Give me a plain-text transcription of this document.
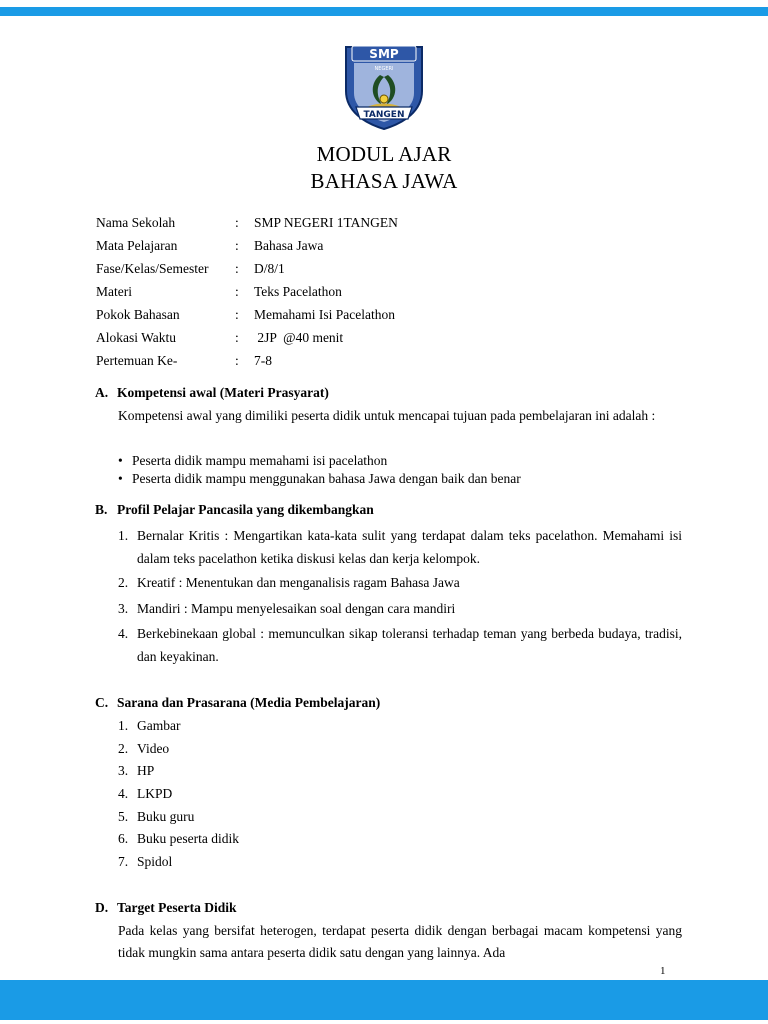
SMP
NEGERI
TANGEN
MODUL AJAR
BAHASA JAWA
Nama Sekolah	: SMP NEGERI 1TANGEN
Mata Pelajaran	: Bahasa Jawa
Fase/Kelas/Semester : D/8/1
Materi	: Teks Pacelathon
Pokok Bahasan	: Memahami Isi Pacelathon
Alokasi Waktu	: 2JP  @40 menit
Pertemuan Ke-	: 7-8
A. Kompetensi awal (Materi Prasyarat)
Kompetensi awal yang dimiliki peserta didik untuk mencapai tujuan pada pembelajaran ini adalah :
• Peserta didik mampu memahami isi pacelathon
• Peserta didik mampu menggunakan bahasa Jawa dengan baik dan benar
B. Profil Pelajar Pancasila yang dikembangkan
1. Bernalar Kritis : Mengartikan kata-kata sulit yang terdapat dalam teks pacelathon. Memahami isi dalam teks pacelathon ketika diskusi kelas dan kerja kelompok.
2. Kreatif : Menentukan dan menganalisis ragam Bahasa Jawa
3. Mandiri : Mampu menyelesaikan soal dengan cara mandiri
4. Berkebinekaan global : memunculkan sikap toleransi terhadap teman yang berbeda budaya, tradisi, dan keyakinan.
C. Sarana dan Prasarana (Media Pembelajaran)
1. Gambar
2. Video
3. HP
4. LKPD
5. Buku guru
6. Buku peserta didik
7. Spidol
D. Target Peserta Didik
Pada kelas yang bersifat heterogen, terdapat peserta didik dengan berbagai macam kompetensi yang tidak mungkin sama antara peserta didik satu dengan yang lainnya. Ada
1
